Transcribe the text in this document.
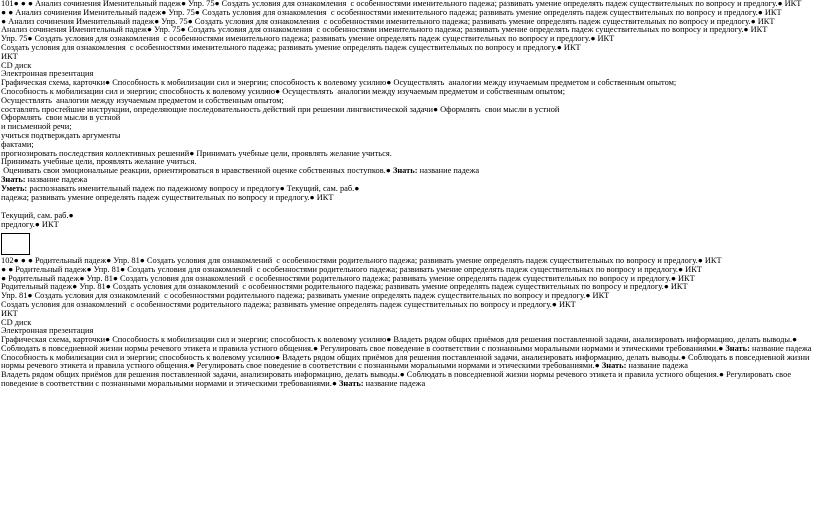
101● ● ● Анализ сочинения Именительный падеж● Упр. 75● Создать условия для ознакомления  с особенностями именительного падежа; развивать умение определять падеж существительных по вопросу и предлогу.● ИКТ
● ● Анализ сочинения Именительный падеж● Упр. 75● Создать условия для ознакомления  с особенностями именительного падежа; развивать умение определять падеж существительных по вопросу и предлогу.● ИКТ
● Анализ сочинения Именительный падеж● Упр. 75● Создать условия для ознакомления  с особенностями именительного падежа; развивать умение определять падеж существительных по вопросу и предлогу.● ИКТ
Анализ сочинения Именительный падеж● Упр. 75● Создать условия для ознакомления  с особенностями именительного падежа; развивать умение определять падеж существительных по вопросу и предлогу.● ИКТ
Упр. 75● Создать условия для ознакомления  с особенностями именительного падежа; развивать умение определять падеж существительных по вопросу и предлогу.● ИКТ
Создать условия для ознакомления  с особенностями именительного падежа; развивать умение определять падеж существительных по вопросу и предлогу.● ИКТ
ИКТ
CD диск
Электронная презентация
Графическая схема, карточки● Способность к мобилизации сил и энергии; способность к волевому усилию● Осуществлять  аналогии между изучаемым предметом и собственным опытом;
Способность к мобилизации сил и энергии; способность к волевому усилию● Осуществлять  аналогии между изучаемым предметом и собственным опытом;
Осуществлять  аналогии между изучаемым предметом и собственным опытом;
составлять простейшие инструкции, определяющие последовательность действий при решении лингвистической задачи● Оформлять  свои мысли в устной
Оформлять  свои мысли в устной
и письменной речи;
учиться подтверждать аргументы
фактами;
прогнозировать последствия коллективных решений● Принимать учебные цели, проявлять желание учиться.
Принимать учебные цели, проявлять желание учиться.
Оценивать свои эмоциональные реакции, ориентироваться в нравственной оценке собственных поступков.● Знать: название падежа
Знать: название падежа
Уметь: распознавать именительный падеж по падежному вопросу и предлогу● Текущий, сам. раб.●
падежа; развивать умение определять падеж существительных по вопросу и предлогу.● ИКТ
Текущий, сам. раб.●
предлогу.● ИКТ
102● ● ● Родительный падеж● Упр. 81● Создать условия для ознакомлений  с особенностями родительного падежа; развивать умение определять падеж существительных по вопросу и предлогу.● ИКТ
● ● Родительный падеж● Упр. 81● Создать условия для ознакомлений  с особенностями родительного падежа; развивать умение определять падеж существительных по вопросу и предлогу.● ИКТ
● Родительный падеж● Упр. 81● Создать условия для ознакомлений  с особенностями родительного падежа; развивать умение определять падеж существительных по вопросу и предлогу.● ИКТ
Родительный падеж● Упр. 81● Создать условия для ознакомлений  с особенностями родительного падежа; развивать умение определять падеж существительных по вопросу и предлогу.● ИКТ
Упр. 81● Создать условия для ознакомлений  с особенностями родительного падежа; развивать умение определять падеж существительных по вопросу и предлогу.● ИКТ
Создать условия для ознакомлений  с особенностями родительного падежа; развивать умение определять падеж существительных по вопросу и предлогу.● ИКТ
ИКТ
CD диск
Электронная презентация
Графическая схема, карточки● Способность к мобилизации сил и энергии; способность к волевому усилию● Владеть рядом общих приёмов для решения поставленной задачи, анализировать информацию, делать выводы.● Соблюдать в повседневной жизни нормы речевого этикета и правила устного общения.● Регулировать свое поведение в соответствии с познанными моральными нормами и этическими требованиями.● Знать: название падежа
Способность к мобилизации сил и энергии; способность к волевому усилию● Владеть рядом общих приёмов для решения поставленной задачи, анализировать информацию, делать выводы.● Соблюдать в повседневной жизни нормы речевого этикета и правила устного общения.● Регулировать свое поведение в соответствии с познанными моральными нормами и этическими требованиями.● Знать: название падежа
Владеть рядом общих приёмов для решения поставленной задачи, анализировать информацию, делать выводы.● Соблюдать в повседневной жизни нормы речевого этикета и правила устного общения.● Регулировать свое поведение в соответствии с познанными моральными нормами и этическими требованиями.● Знать: название падежа
